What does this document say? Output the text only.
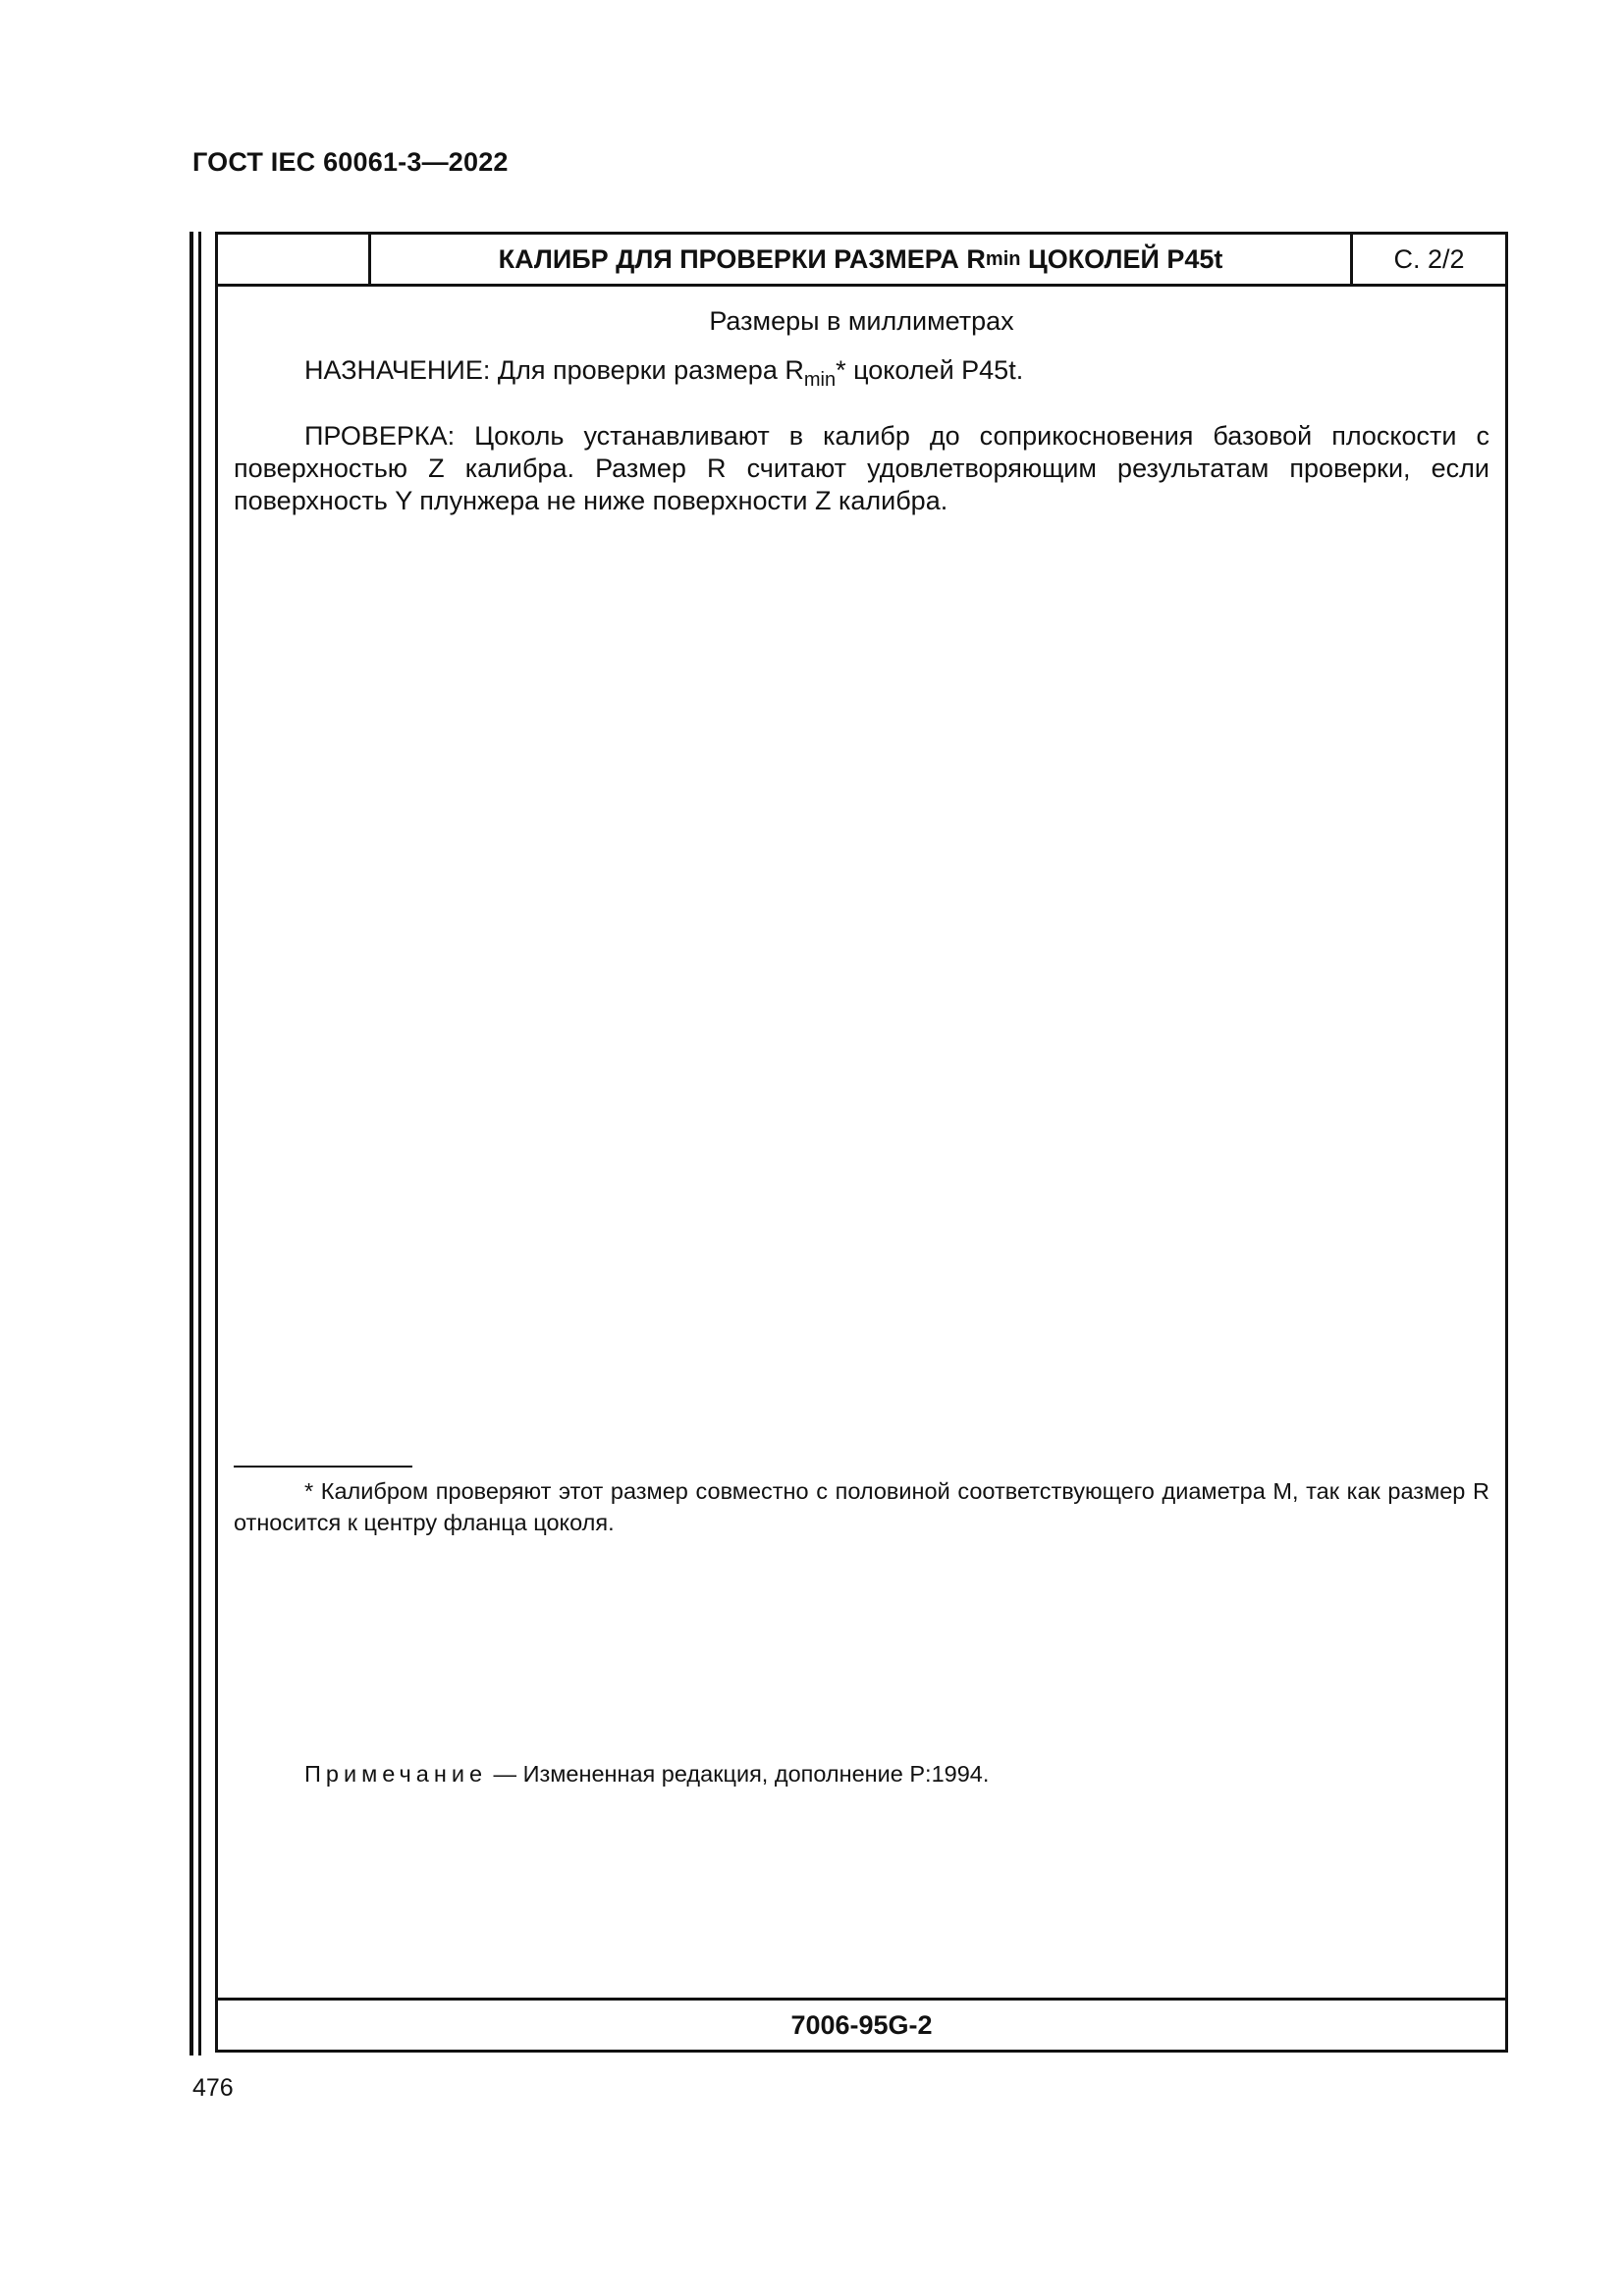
ГОСТ IEC 60061-3—2022
КАЛИБР ДЛЯ ПРОВЕРКИ РАЗМЕРА R min ЦОКОЛЕЙ P45t	С. 2/2
Размеры в миллиметрах
НАЗНАЧЕНИЕ: Для проверки размера $R_{min}*$ цоколей P45t.
ПРОВЕРКА: Цоколь устанавливают в калибр до соприкосновения базовой плоскости с поверхностью Z калибра. Размер R считают удовлетворяющим результатам проверки, если поверхность Y плунжера не ниже поверхности Z калибра.
* Калибром проверяют этот размер совместно с половиной соответствующего диаметра М, так как размер R относится к центру фланца цоколя.
Примечание — Измененная редакция, дополнение P:1994.
7006-95G-2
476
